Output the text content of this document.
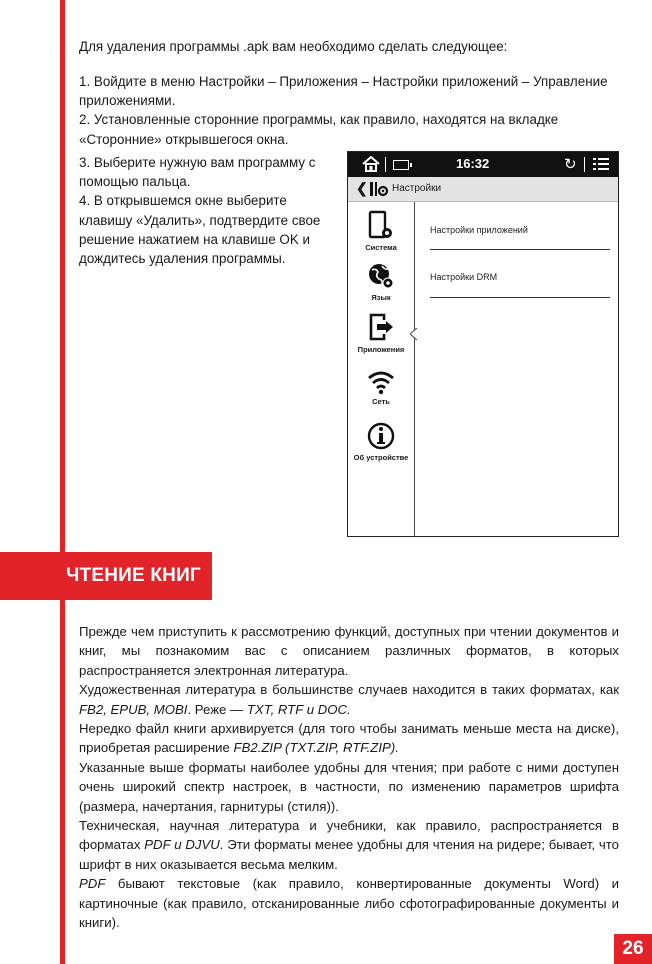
Для удаления программы .apk вам необходимо сделать следующее:

1. Войдите в меню Настройки – Приложения – Настройки приложений – Управление приложениями.
2. Установленные сторонние программы, как правило, находятся на вкладке «Сторонние» открывшегося окна.
3. Выберите нужную вам программу с помощью пальца.
4. В открывшемся окне выберите клавишу «Удалить», подтвердите свое решение нажатием на клавише OK и дождитесь удаления программы.
16:32	↻
❮ Настройки
Система
Язык
Приложения
Сеть
Об устройстве
Настройки приложений
Настройки DRM
ЧТЕНИЕ КНИГ

Прежде чем приступить к рассмотрению функций, доступных при чтении документов и книг, мы познакомим вас с описанием различных форматов, в которых распространяется электронная литература.

Художественная литература в большинстве случаев находится в таких форматах, как FB2, EPUB, MOBI. Реже — TXT, RTF и DOC.

Нередко файл книги архивируется (для того чтобы занимать меньше места на диске), приобретая расширение FB2.ZIP (TXT.ZIP, RTF.ZIP).

Указанные выше форматы наиболее удобны для чтения; при работе с ними доступен очень широкий спектр настроек, в частности, по изменению параметров шрифта (размера, начертания, гарнитуры (стиля)).

Техническая, научная литература и учебники, как правило, распространяется в форматах PDF и DJVU. Эти форматы менее удобны для чтения на ридере; бывает, что шрифт в них оказывается весьма мелким.

PDF бывают текстовые (как правило, конвертированные документы Word) и картиночные (как правило, отсканированные либо сфотографированные документы и книги).

26
